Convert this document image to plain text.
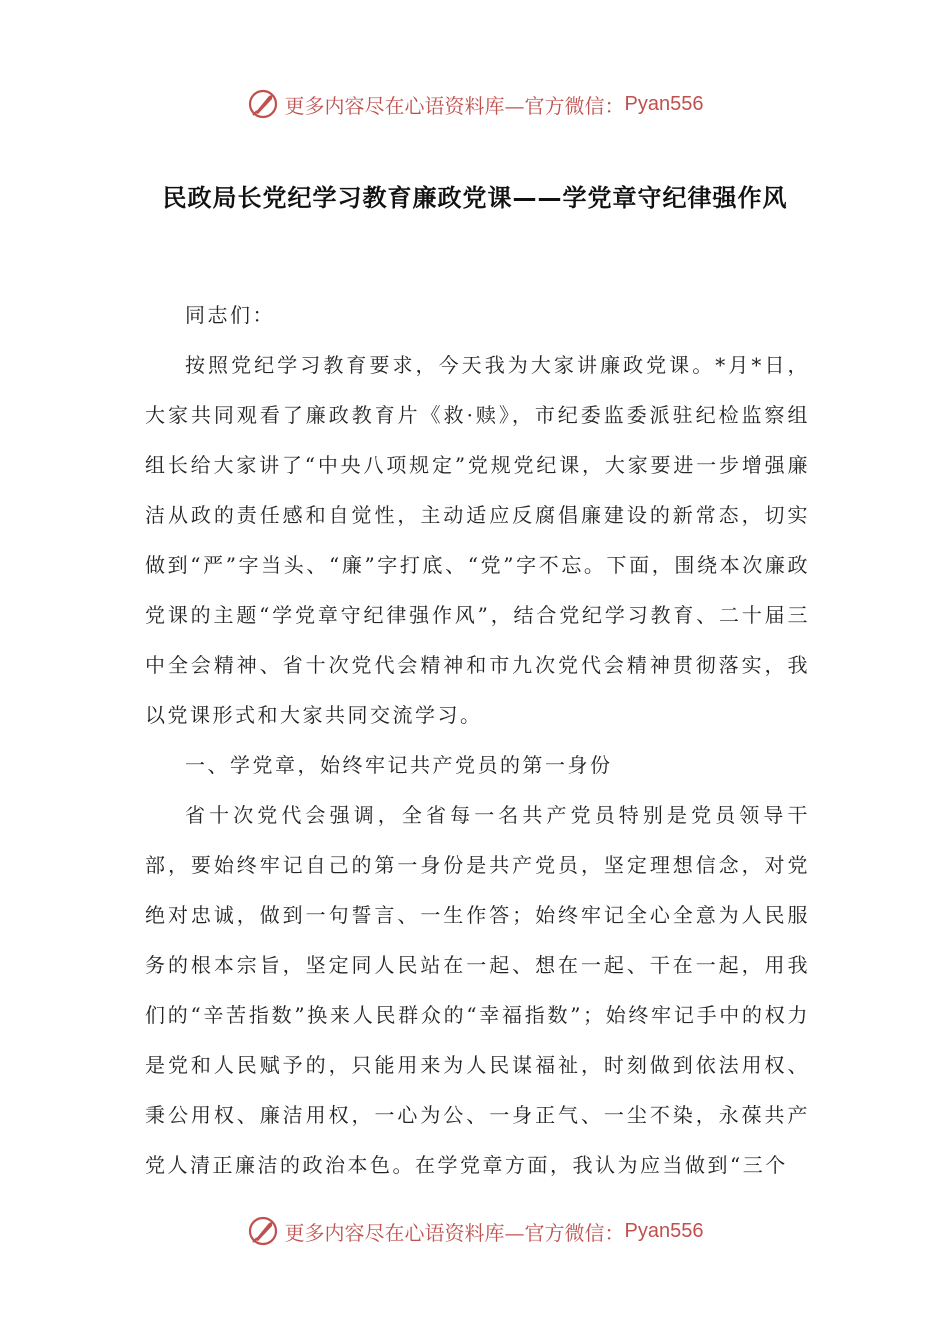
更多内容尽在心语资料库—官方微信： Pyan556
民政局长党纪学习教育廉政党课——学党章守纪律强作风

同志们：

按照党纪学习教育要求，今天我为大家讲廉政党课。*月*日，大家共同观看了廉政教育片《救·赎》，市纪委监委派驻纪检监察组组长给大家讲了“中央八项规定”党规党纪课，大家要进一步增强廉洁从政的责任感和自觉性，主动适应反腐倡廉建设的新常态，切实做到“严”字当头、“廉”字打底、“党”字不忘。下面，围绕本次廉政党课的主题“学党章守纪律强作风”，结合党纪学习教育、二十届三中全会精神、省十次党代会精神和市九次党代会精神贯彻落实，我以党课形式和大家共同交流学习。

一、学党章，始终牢记共产党员的第一身份

省十次党代会强调，全省每一名共产党员特别是党员领导干部，要始终牢记自己的第一身份是共产党员，坚定理想信念，对党绝对忠诚，做到一句誓言、一生作答；始终牢记全心全意为人民服务的根本宗旨，坚定同人民站在一起、想在一起、干在一起，用我们的“辛苦指数”换来人民群众的“幸福指数”；始终牢记手中的权力是党和人民赋予的，只能用来为人民谋福祉，时刻做到依法用权、秉公用权、廉洁用权，一心为公、一身正气、一尘不染，永葆共产党人清正廉洁的政治本色。在学党章方面，我认为应当做到“三个

更多内容尽在心语资料库—官方微信： Pyan556
